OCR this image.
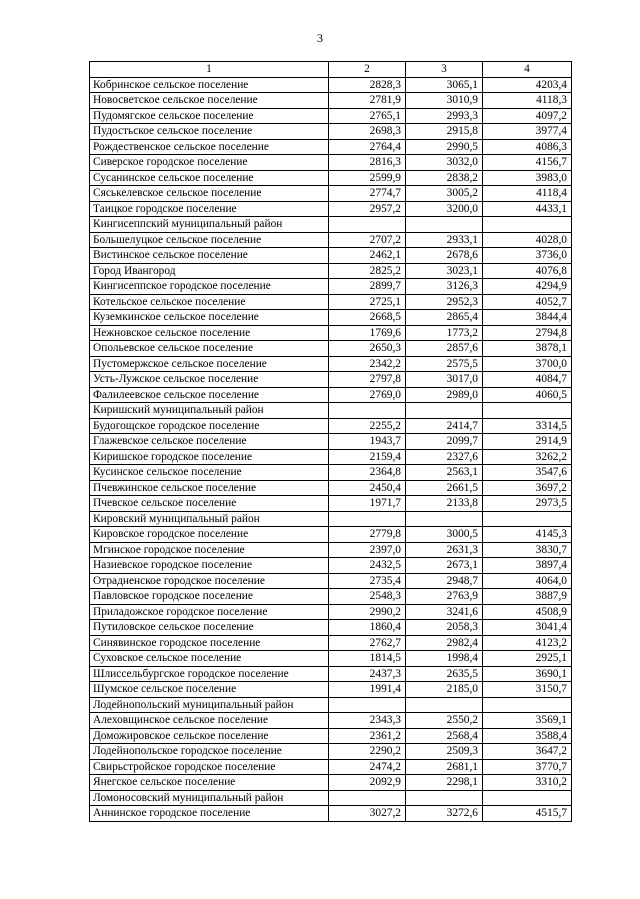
3
1	2	3	4
Кобринское сельское поселение	2828,3	3065,1	4203,4
Новосветское сельское поселение	2781,9	3010,9	4118,3
Пудомягское сельское поселение	2765,1	2993,3	4097,2
Пудостьское сельское поселение	2698,3	2915,8	3977,4
Рождественское сельское поселение	2764,4	2990,5	4086,3
Сиверское городское поселение	2816,3	3032,0	4156,7
Сусанинское сельское поселение	2599,9	2838,2	3983,0
Сяськелевское сельское поселение	2774,7	3005,2	4118,4
Таицкое городское поселение	2957,2	3200,0	4433,1
Кингисеппский муниципальный район			
Большелуцкое сельское поселение	2707,2	2933,1	4028,0
Вистинское сельское поселение	2462,1	2678,6	3736,0
Город Ивангород	2825,2	3023,1	4076,8
Кингисеппское городское поселение	2899,7	3126,3	4294,9
Котельское сельское поселение	2725,1	2952,3	4052,7
Куземкинское сельское поселение	2668,5	2865,4	3844,4
Нежновское сельское поселение	1769,6	1773,2	2794,8
Опольевское сельское поселение	2650,3	2857,6	3878,1
Пустомержское сельское поселение	2342,2	2575,5	3700,0
Усть-Лужское сельское поселение	2797,8	3017,0	4084,7
Фалилеевское сельское поселение	2769,0	2989,0	4060,5
Киришский муниципальный район			
Будогощское городское поселение	2255,2	2414,7	3314,5
Глажевское сельское поселение	1943,7	2099,7	2914,9
Киришское городское поселение	2159,4	2327,6	3262,2
Кусинское сельское поселение	2364,8	2563,1	3547,6
Пчевжинское сельское поселение	2450,4	2661,5	3697,2
Пчевское сельское поселение	1971,7	2133,8	2973,5
Кировский муниципальный район			
Кировское городское поселение	2779,8	3000,5	4145,3
Мгинское городское поселение	2397,0	2631,3	3830,7
Назиевское городское поселение	2432,5	2673,1	3897,4
Отрадненское городское поселение	2735,4	2948,7	4064,0
Павловское городское поселение	2548,3	2763,9	3887,9
Приладожское городское поселение	2990,2	3241,6	4508,9
Путиловское сельское поселение	1860,4	2058,3	3041,4
Синявинское городское поселение	2762,7	2982,4	4123,2
Суховское сельское поселение	1814,5	1998,4	2925,1
Шлиссельбургское городское поселение	2437,3	2635,5	3690,1
Шумское сельское поселение	1991,4	2185,0	3150,7
Лодейнопольский муниципальный район			
Алеховщинское сельское поселение	2343,3	2550,2	3569,1
Доможировское сельское поселение	2361,2	2568,4	3588,4
Лодейнопольское городское поселение	2290,2	2509,3	3647,2
Свирьстройское городское поселение	2474,2	2681,1	3770,7
Янегское сельское поселение	2092,9	2298,1	3310,2
Ломоносовский муниципальный район			
Аннинское городское поселение	3027,2	3272,6	4515,7
